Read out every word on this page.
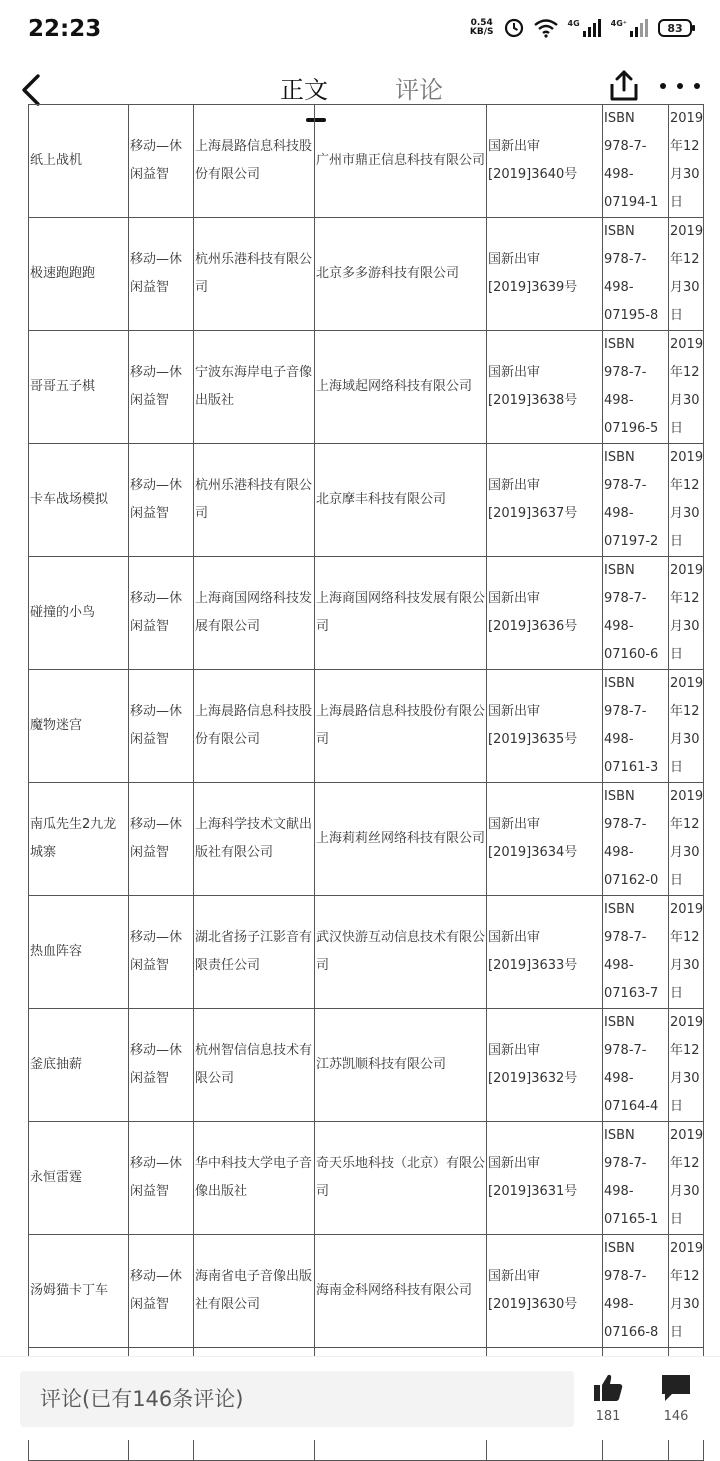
22:23	0.54
KB/S
4G	4G⁺	83
正文	评论
纸上战机	移动—休闲益智	上海晨路信息科技股份有限公司	广州市鼎正信息科技有限公司	国新出审[2019]3640号	ISBN 978-7-498-07194-1	2019年12月30日
极速跑跑跑	移动—休闲益智	杭州乐港科技有限公司	北京多多游科技有限公司	国新出审[2019]3639号	ISBN 978-7-498-07195-8	2019年12月30日
哥哥五子棋	移动—休闲益智	宁波东海岸电子音像出版社	上海域起网络科技有限公司	国新出审[2019]3638号	ISBN 978-7-498-07196-5	2019年12月30日
卡车战场模拟	移动—休闲益智	杭州乐港科技有限公司	北京摩丰科技有限公司	国新出审[2019]3637号	ISBN 978-7-498-07197-2	2019年12月30日
碰撞的小鸟	移动—休闲益智	上海商国网络科技发展有限公司	上海商国网络科技发展有限公司	国新出审[2019]3636号	ISBN 978-7-498-07160-6	2019年12月30日
魔物迷宫	移动—休闲益智	上海晨路信息科技股份有限公司	上海晨路信息科技股份有限公司	国新出审[2019]3635号	ISBN 978-7-498-07161-3	2019年12月30日
南瓜先生2九龙城寨	移动—休闲益智	上海科学技术文献出版社有限公司	上海莉莉丝网络科技有限公司	国新出审[2019]3634号	ISBN 978-7-498-07162-0	2019年12月30日
热血阵容	移动—休闲益智	湖北省扬子江影音有限责任公司	武汉快游互动信息技术有限公司	国新出审[2019]3633号	ISBN 978-7-498-07163-7	2019年12月30日
釜底抽薪	移动—休闲益智	杭州智信信息技术有限公司	江苏凯顺科技有限公司	国新出审[2019]3632号	ISBN 978-7-498-07164-4	2019年12月30日
永恒雷霆	移动—休闲益智	华中科技大学电子音像出版社	奇天乐地科技（北京）有限公司	国新出审[2019]3631号	ISBN 978-7-498-07165-1	2019年12月30日
汤姆猫卡丁车	移动—休闲益智	海南省电子音像出版社有限公司	海南金科网络科技有限公司	国新出审[2019]3630号	ISBN 978-7-498-07166-8	2019年12月30日

评论(已有146条评论)
181	146
